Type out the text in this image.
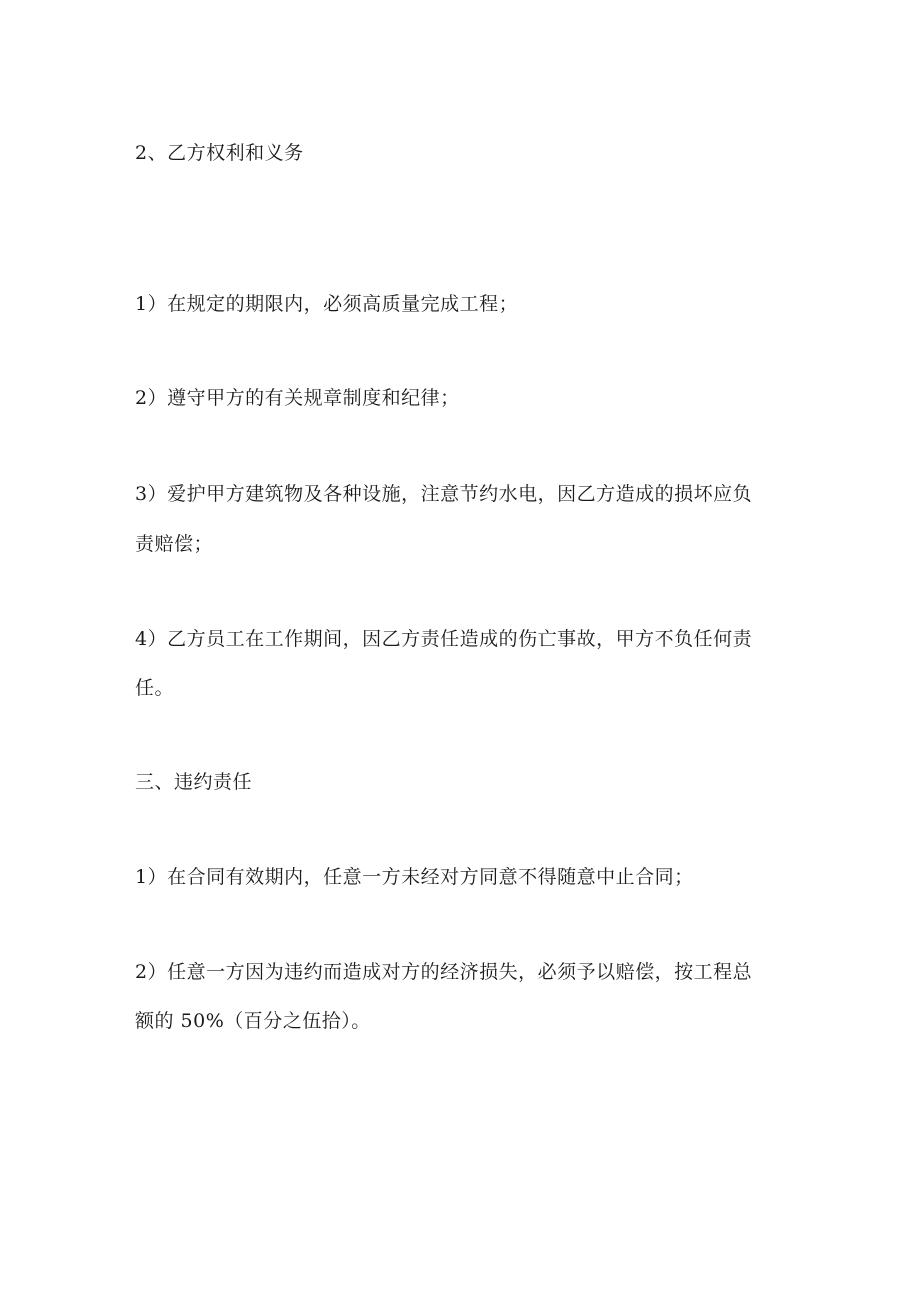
2、乙方权利和义务
1）在规定的期限内，必须高质量完成工程；
2）遵守甲方的有关规章制度和纪律；
3）爱护甲方建筑物及各种设施，注意节约水电，因乙方造成的损坏应负
责赔偿；
4）乙方员工在工作期间，因乙方责任造成的伤亡事故，甲方不负任何责
任。
三、违约责任
1）在合同有效期内，任意一方未经对方同意不得随意中止合同；
2）任意一方因为违约而造成对方的经济损失，必须予以赔偿，按工程总
额的 50%（百分之伍拾）。
